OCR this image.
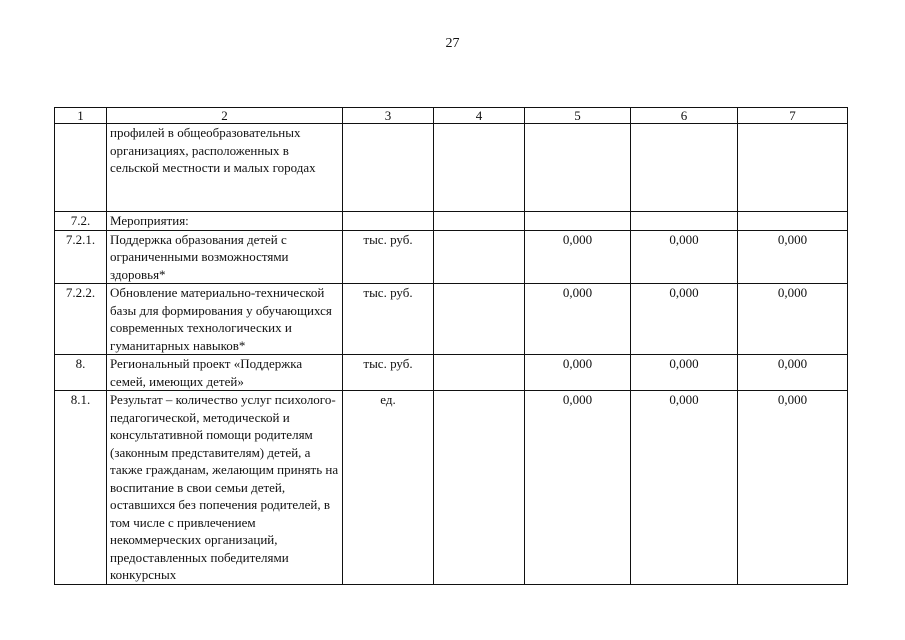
27
1	2	3	4	5	6	7
	профилей в общеобразовательных организациях, расположенных в сельской местности и малых городах					
7.2.	Мероприятия:					
7.2.1.	Поддержка образования детей с ограниченными возможностями здоровья*	тыс. руб.		0,000	0,000	0,000
7.2.2.	Обновление материально-технической базы для формирования у обучающихся современных технологических и гуманитарных навыков*	тыс. руб.		0,000	0,000	0,000
8.	Региональный проект «Поддержка семей, имеющих детей»	тыс. руб.		0,000	0,000	0,000
8.1.	Результат – количество услуг психолого-педагогической, методической и консультативной помощи родителям (законным представителям) детей, а также гражданам, желающим принять на воспитание в свои семьи детей, оставшихся без попечения родителей, в том числе с привлечением некоммерческих организаций, предоставленных победителями конкурсных	ед.		0,000	0,000	0,000
